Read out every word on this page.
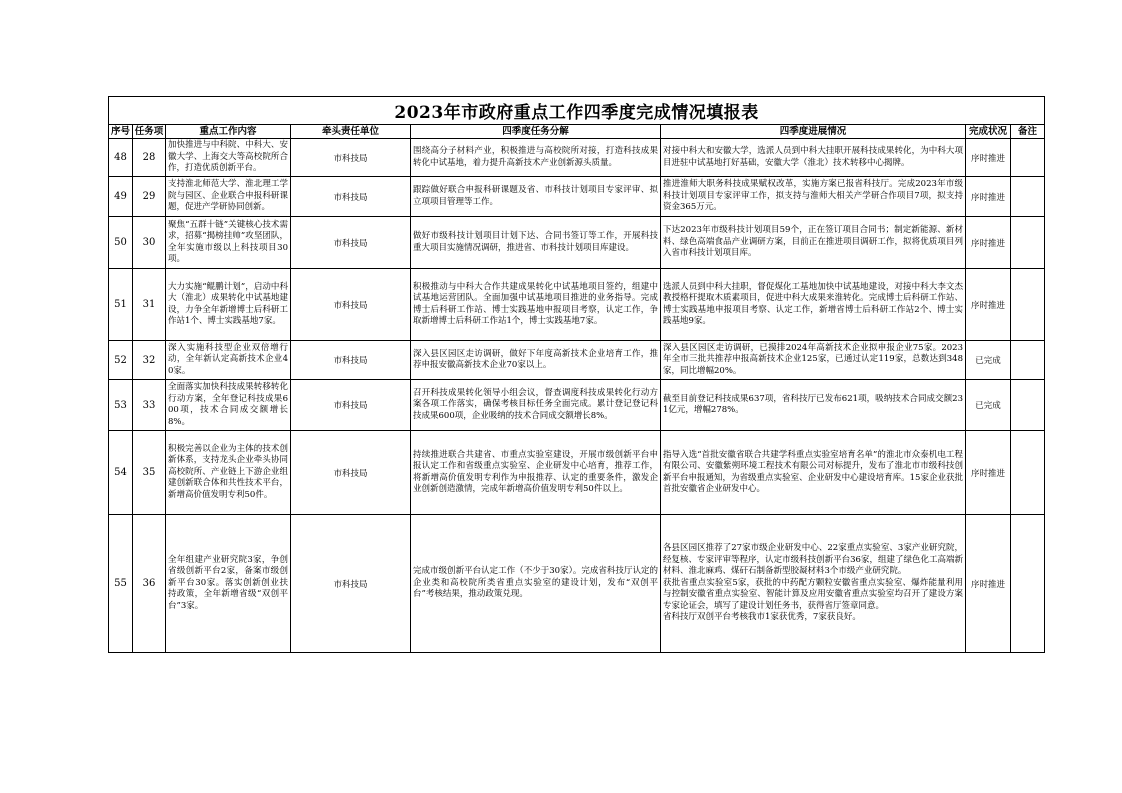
2023年市政府重点工作四季度完成情况填报表							
序号	任务项	重点工作内容	牵头责任单位	四季度任务分解	四季度进展情况	完成状况	备注
48	28	加快推进与中科院、中科大、安徽大学、上海交大等高校院所合作，打造优质创新平台。	市科技局	围绕高分子材料产业，积极推进与高校院所对接，打造科技成果转化中试基地，着力提升高新技术产业创新源头质量。	对接中科大和安徽大学，选派人员到中科大挂职开展科技成果转化，为中科大项目进驻中试基地打好基础，安徽大学（淮北）技术转移中心揭牌。	序时推进	
49	29	支持淮北师范大学、淮北理工学院与园区、企业联合申报科研课题，促进产学研协同创新。	市科技局	跟踪做好联合申报科研课题及省、市科技计划项目专家评审、拟立项项目管理等工作。	推进淮师大职务科技成果赋权改革，实施方案已报省科技厅。完成2023年市级科技计划项目专家评审工作，拟支持与淮师大相关产学研合作项目7项，拟支持资金365万元。	序时推进	
50	30	聚焦“五群十链”关键核心技术需求，招募“揭榜挂帅”攻坚团队，全年实施市级以上科技项目30项。	市科技局	做好市级科技计划项目计划下达、合同书签订等工作，开展科技重大项目实施情况调研，推进省、市科技计划项目库建设。	下达2023年市级科技计划项目59个，正在签订项目合同书；制定新能源、新材料、绿色高端食品产业调研方案，目前正在推进项目调研工作，拟将优质项目列入省市科技计划项目库。	序时推进	
51	31	大力实施“鲲鹏计划”，启动中科大（淮北）成果转化中试基地建设，力争全年新增博士后科研工作站1个、博士实践基地7家。	市科技局	积极推动与中科大合作共建成果转化中试基地项目签约，组建中试基地运营团队。全面加强中试基地项目推进的业务指导。完成博士后科研工作站、博士实践基地申报项目考察，认定工作，争取新增博士后科研工作站1个，博士实践基地7家。	选派人员到中科大挂职，督促煤化工基地加快中试基地建设，对接中科大李文杰教授格杆提取木质素项目，促进中科大成果来淮转化。完成博士后科研工作站、博士实践基地申报项目考察、认定工作，新增省博士后科研工作站2个、博士实践基地9家。	序时推进	
52	32	深入实施科技型企业双倍增行动，全年新认定高新技术企业40家。	市科技局	深入县区园区走访调研，做好下年度高新技术企业培育工作，推荐申报安徽高新技术企业70家以上。	深入县区园区走访调研，已摸排2024年高新技术企业拟申报企业75家。2023年全市三批共推荐申报高新技术企业125家，已通过认定119家，总数达到348家，同比增幅20%。	已完成	
53	33	全面落实加快科技成果转移转化行动方案，全年登记科技成果600项，技术合同成交额增长8%。	市科技局	召开科技成果转化领导小组会议，督查调度科技成果转化行动方案各项工作落实，确保考核目标任务全面完成。累计登记登记科技成果600项，企业吸纳的技术合同成交额增长8%。	截至目前登记科技成果637项，省科技厅已发布621项，吸纳技术合同成交额231亿元，增幅278%。	已完成	
54	35	积极完善以企业为主体的技术创新体系，支持龙头企业牵头协同高校院所、产业链上下游企业组建创新联合体和共性技术平台，新增高价值发明专利50件。	市科技局	持续推进联合共建省、市重点实验室建设，开展市级创新平台申报认定工作和省级重点实验室、企业研发中心培育，推荐工作，将新增高价值发明专利作为申报推荐、认定的重要条件，激发企业创新创造激情，完成年新增高价值发明专利50件以上。	指导入选“首批安徽省联合共建学科重点实验室培育名单”的淮北市众泰机电工程有限公司、安徽紫朔环境工程技术有限公司对标提升，发布了淮北市市级科技创新平台申报通知，为省级重点实验室、企业研发中心建设培育库。15家企业获批首批安徽省企业研发中心。	序时推进	
55	36	全年组建产业研究院3家，争创省级创新平台2家，备案市级创新平台30家。落实创新创业扶持政策，全年新增省级“双创平台”3家。	市科技局	完成市级创新平台认定工作（不少于30家）。完成省科技厅认定的企业类和高校院所类省重点实验室的建设计划，发布“双创平台”考核结果，推动政策兑现。	各县区园区推荐了27家市级企业研发中心、22家重点实验室、3家产业研究院，经复核、专家评审等程序，认定市级科技创新平台36家，组建了绿色化工高端新材料、淮北麻鸡、煤矸石制备新型胶凝材料3个市级产业研究院。
获批省重点实验室5家，获批的中药配方颗粒安徽省重点实验室、爆炸能量利用与控制安徽省重点实验室、智能计算及应用安徽省重点实验室均召开了建设方案专家论证会，填写了建设计划任务书，获得省厅签章同意。
省科技厅双创平台考核我市1家获优秀，7家获良好。	序时推进	
